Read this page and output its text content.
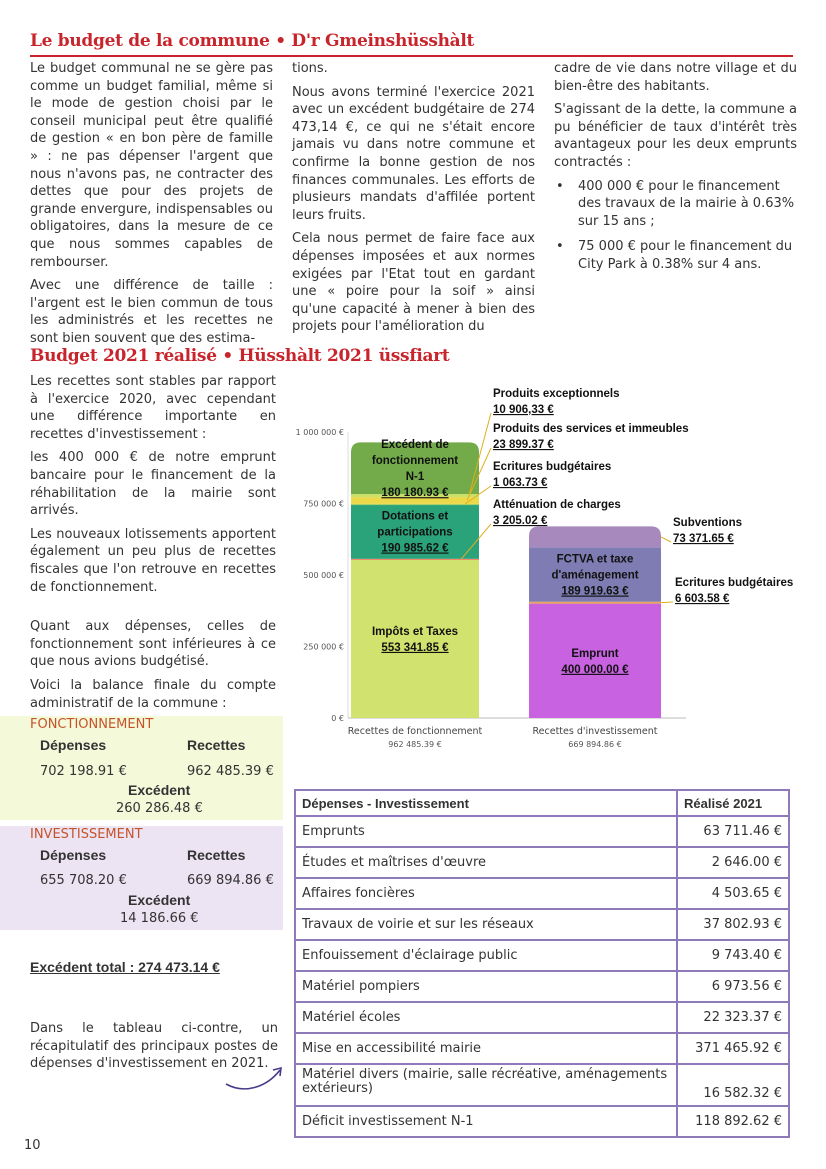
Le budget de la commune • D'r Gmeinshüsshàlt

Le budget communal ne se gère pas comme un budget familial, même si le mode de gestion choisi par le conseil municipal peut être qualifié de gestion « en bon père de famille » : ne pas dépenser l'argent que nous n'avons pas, ne contracter des dettes que pour des projets de grande envergure, indispensables ou obligatoires, dans la mesure de ce que nous sommes capables de rembourser.

Avec une différence de taille : l'argent est le bien commun de tous les administrés et les recettes ne sont bien souvent que des estima-

tions.

Nous avons terminé l'exercice 2021 avec un excédent budgétaire de 274 473,14 €, ce qui ne s'était encore jamais vu dans notre commune et confirme la bonne gestion de nos finances communales. Les efforts de plusieurs mandats d'affilée portent leurs fruits.

Cela nous permet de faire face aux dépenses imposées et aux normes exigées par l'Etat tout en gardant une « poire pour la soif » ainsi qu'une capacité à mener à bien des projets pour l'amélioration du

cadre de vie dans notre village et du bien-être des habitants.

S'agissant de la dette, la commune a pu bénéficier de taux d'intérêt très avantageux pour les deux emprunts contractés :

• 400 000 € pour le financement des travaux de la mairie à 0.63% sur 15 ans ;
• 75 000 € pour le financement du City Park à 0.38% sur 4 ans.
Budget 2021 réalisé • Hüsshàlt 2021 üssfiart

Les recettes sont stables par rapport à l'exercice 2020, avec cependant une différence importante en recettes d'investissement :

les 400 000 € de notre emprunt bancaire pour le financement de la réhabilitation de la mairie sont arrivés.

Les nouveaux lotissements apportent également un peu plus de recettes fiscales que l'on retrouve en recettes de fonctionnement.

Quant aux dépenses, celles de fonctionnement sont inférieures à ce que nous avions budgétisé.

Voici la balance finale du compte administratif de la commune :

FONCTIONNEMENT
Dépenses	Recettes
702 198.91 €	962 485.39 €
Excédent
260 286.48 €
INVESTISSEMENT
Dépenses	Recettes
655 708.20 €	669 894.86 €
Excédent
14 186.66 €
Excédent total : 274 473.14 €

Dans le tableau ci-contre, un récapitulatif des principaux postes de dépenses d'investissement en 2021.

10
0 €
250 000 €
500 000 €
750 000 €
1 000 000 €
Recettes de fonctionnement
962 485.39 €
Recettes d'investissement
669 894.86 €
Impôts et Taxes
553 341.85 €
Dotations et
participations
190 985.62 €
Excédent de
fonctionnement
N-1
180 180.93 €
Emprunt
400 000.00 €
FCTVA et taxe
d'aménagement
189 919.63 €
Produits exceptionnels
10 906,33 €
Produits des services et immeubles
23 899.37 €
Ecritures budgétaires
1 063.73 €
Atténuation de charges
3 205.02 €	Subventions
73 371.65 €
Ecritures budgétaires
6 603.58 €
Dépenses - Investissement	Réalisé 2021
Emprunts	63 711.46 €
Études et maîtrises d'œuvre	2 646.00 €
Affaires foncières	4 503.65 €
Travaux de voirie et sur les réseaux	37 802.93 €
Enfouissement d'éclairage public	9 743.40 €
Matériel pompiers	6 973.56 €
Matériel écoles	22 323.37 €
Mise en accessibilité mairie	371 465.92 €
Matériel divers (mairie, salle récréative, aménagements extérieurs)	16 582.32 €
Déficit investissement N-1	118 892.62 €
